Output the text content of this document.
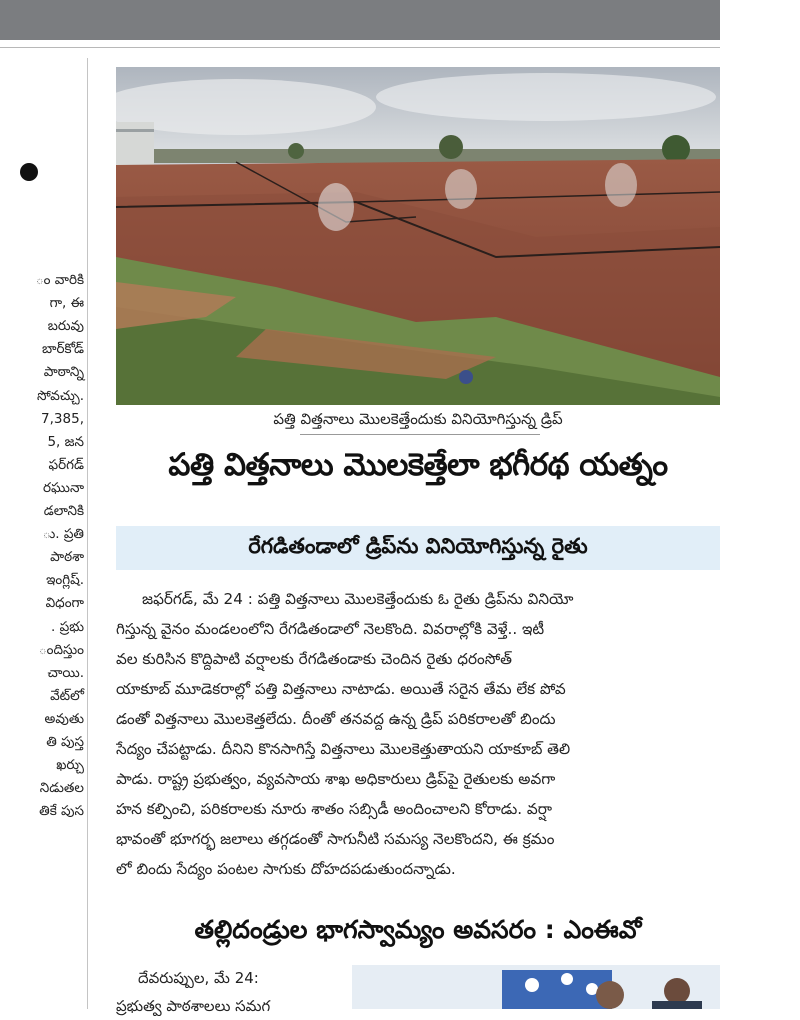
ం వారికి
గా, ఈ
బరువు
బార్‌కోడ్
పాఠాన్ని
సోవచ్చు.
7,385,
5, జన
ఫర్‌గడ్
రఘునా
డలానికి
ు. ప్రతి
పాఠశా
ఇంగ్లిష్.
విధంగా
. ప్రభు
ందిస్తుం
చాయి.
వేట్‌లో
అవుతు
తి పుస్త
ఖర్చు
నిడుతల
తికే పుస
పత్తి విత్తనాలు మొలకెత్తేందుకు వినియోగిస్తున్న డ్రిప్
పత్తి విత్తనాలు మొలకెత్తేలా భగీరథ యత్నం
రేగడితండాలో డ్రిప్‌ను వినియోగిస్తున్న రైతు
జఫర్‌గడ్, మే 24 : పత్తి విత్తనాలు మొలకెత్తేందుకు ఓ రైతు డ్రిప్‌ను వినియో
గిస్తున్న వైనం మండలంలోని రేగడితండాలో నెలకొంది. వివరాల్లోకి వెళ్తే.. ఇటీ
వల కురిసిన కొద్దిపాటి వర్షాలకు రేగడితండాకు చెందిన రైతు ధరంసోత్
యాకూబ్ మూడెకరాల్లో పత్తి విత్తనాలు నాటాడు. అయితే సరైన తేమ లేక పోవ
డంతో విత్తనాలు మొలకెత్తలేదు. దీంతో తనవద్ద ఉన్న డ్రిప్ పరికరాలతో బిందు
సేద్యం చేపట్టాడు. దీనిని కొనసాగిస్తే విత్తనాలు మొలకెత్తుతాయని యాకూబ్ తెలి
పాడు. రాష్ట్ర ప్రభుత్వం, వ్యవసాయ శాఖ అధికారులు డ్రిప్‌పై రైతులకు అవగా
హన కల్పించి, పరికరాలకు నూరు శాతం సబ్సిడీ అందించాలని కోరాడు. వర్షా
భావంతో భూగర్భ జలాలు తగ్గడంతో సాగునీటి సమస్య నెలకొందని, ఈ క్రమం
లో బిందు సేద్యం పంటల సాగుకు దోహదపడుతుందన్నాడు.
తల్లిదండ్రుల భాగస్వామ్యం అవసరం : ఎంఈవో
దేవరుప్పుల, మే 24:
ప్రభుత్వ పాఠశాలలు సమగ
